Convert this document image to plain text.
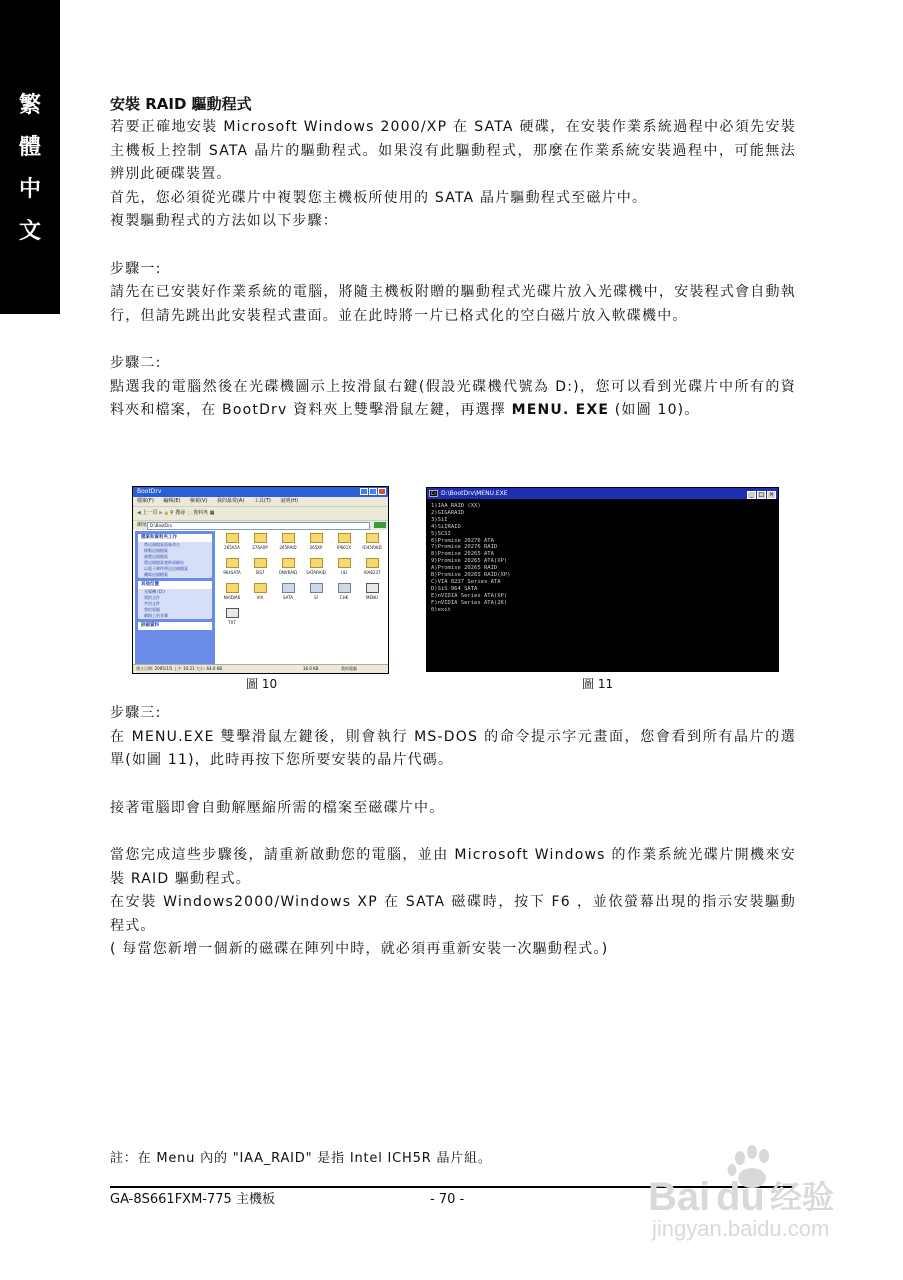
繁
體
中
文
安裝 RAID 驅動程式

若要正確地安裝 Microsoft Windows 2000/XP 在 SATA 硬碟，在安裝作業系統過程中必須先安裝主機板上控制 SATA 晶片的驅動程式。如果沒有此驅動程式，那麼在作業系統安裝過程中，可能無法辨別此硬碟裝置。

首先，您必須從光碟片中複製您主機板所使用的 SATA 晶片驅動程式至磁片中。

複製驅動程式的方法如以下步驟：

步驟一:

請先在已安裝好作業系統的電腦，將隨主機板附贈的驅動程式光碟片放入光碟機中，安裝程式會自動執行，但請先跳出此安裝程式畫面。並在此時將一片已格式化的空白磁片放入軟碟機中。

步驟二:

點選我的電腦然後在光碟機圖示上按滑鼠右鍵(假設光碟機代號為 D:)，您可以看到光碟片中所有的資料夾和檔案，在 BootDrv 資料夾上雙擊滑鼠左鍵，再選擇 MENU. EXE (如圖 10)。

BootDrv
檔案(F) 編輯(E) 檢視(V) 我的最愛(A) 工具(T) 說明(H)
◀ 上一頁 ▶ ▲ ⚲ 搜尋 ▢ 資料夾 ▦
網址 D:\BootDrv
檔案和資料夾工作
將這個檔案重新命名
移動這個檔案
複製這個檔案
將這個檔案發佈到網站
以電子郵件傳送這個檔案
刪除這個檔案
其他位置
光碟機 (D:)
我的文件
共用文件
我的電腦
網路上的芳鄰
詳細資料
265A5A	276AXP	265RAID	265XP	IP661X	ICH5RAID
964SATA	SIS7	ONVRAID	SATARAID	ULI	VIA8237
NVIDIA6	VIA	SATA	SI	CHK	MENU
TXT
建立日期: 2005/1/5 上午 10:21 大小: 64.0 KB	16.0 KB	我的電腦
C:\ D:\BootDrv\MENU.EXE	_ □ ×
1)IAA_RAID (XX)
2)GIGARAID
3)SiI
4)SiIRAID
5)SCSI
6)Promise 20276 ATA
7)Promise 20276 RAID
8)Promise 20265 ATA
9)Promise 20265 ATA(XP)
A)Promise 20265 RAID
B)Promise 20265 RAID(XP)
C)VIA 8237 Series ATA
D)SiS 964 SATA
E)nVIDIA Series ATA(XP)
F)nVIDIA Series ATA(2K)
0)exit
圖 10	圖 11

步驟三:

在 MENU.EXE 雙擊滑鼠左鍵後，則會執行 MS-DOS 的命令提示字元畫面，您會看到所有晶片的選單(如圖 11)，此時再按下您所要安裝的晶片代碼。

接著電腦即會自動解壓縮所需的檔案至磁碟片中。

當您完成這些步驟後，請重新啟動您的電腦，並由 Microsoft Windows 的作業系統光碟片開機來安裝 RAID 驅動程式。

在安裝 Windows2000/Windows XP 在 SATA 磁碟時，按下 F6 ，並依螢幕出現的指示安裝驅動程式。

( 每當您新增一個新的磁碟在陣列中時，就必須再重新安裝一次驅動程式。)

註：在 Menu 內的 "IAA_RAID" 是指 Intel ICH5R 晶片組。
GA-8S661FXM-775 主機板	- 70 -	Bai du 经验
jingyan.baidu.com
